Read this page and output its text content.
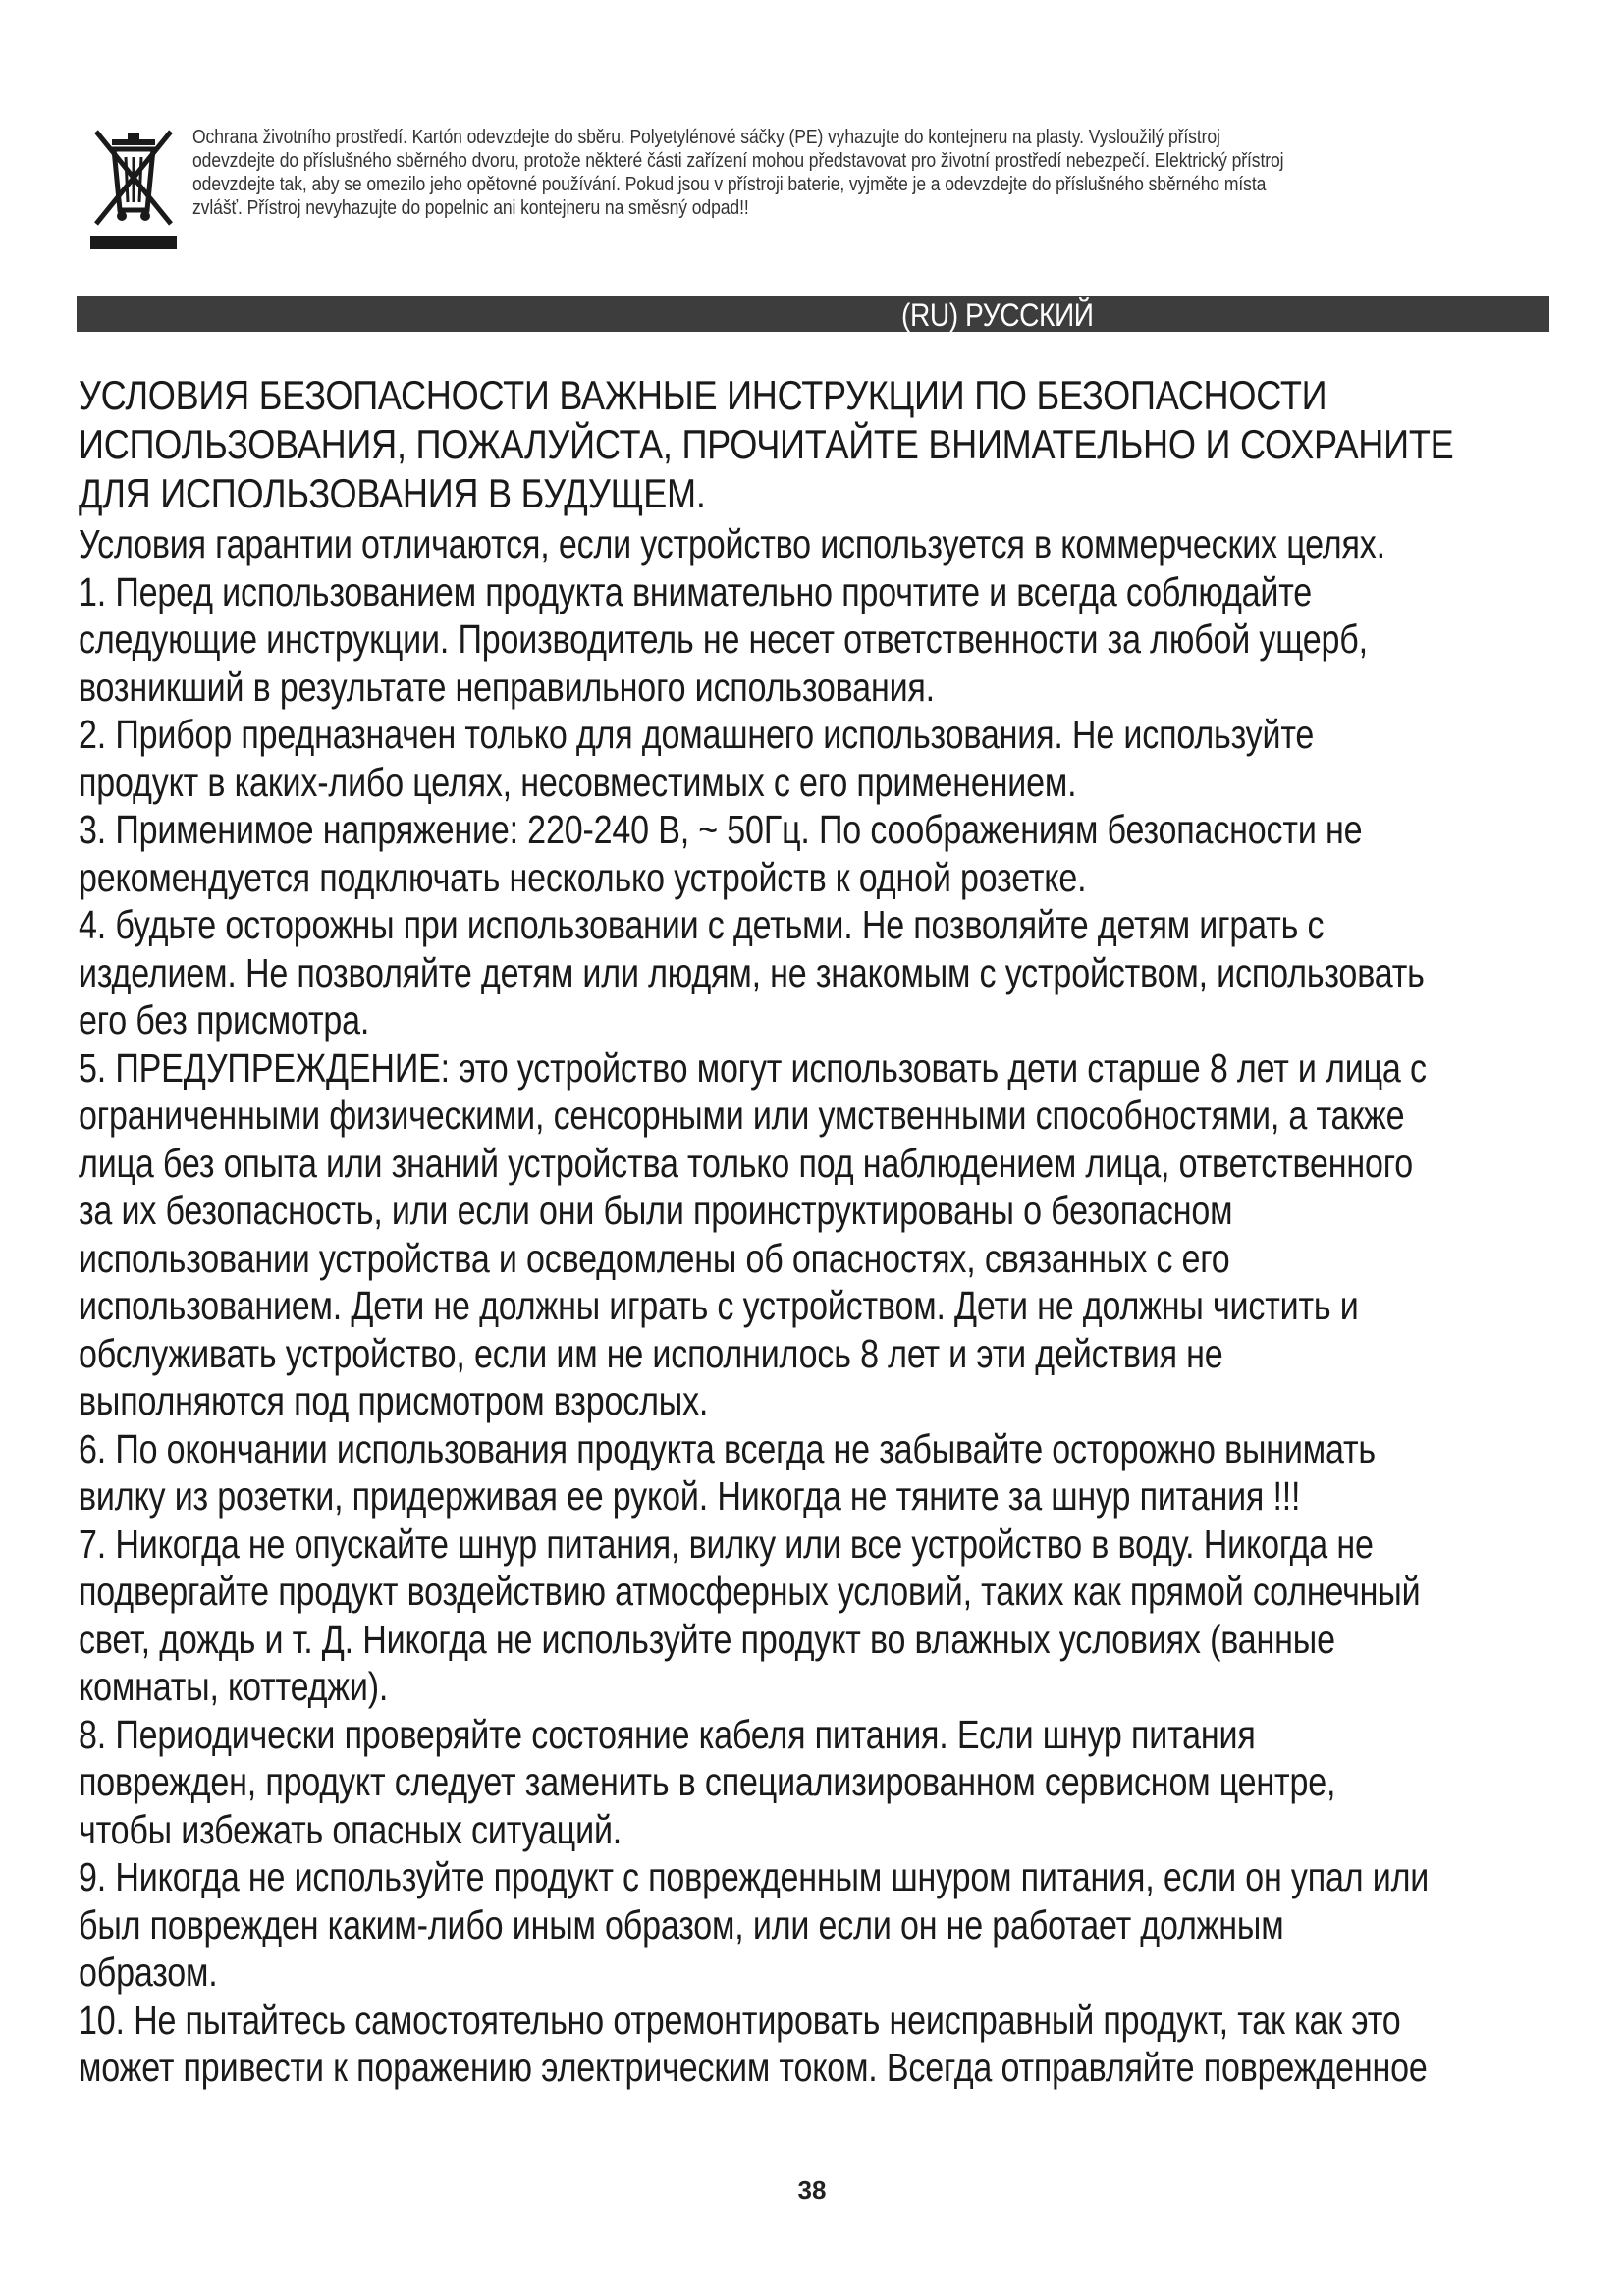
Ochrana životního prostředí. Kartón odevzdejte do sběru. Polyetylénové sáčky (PE) vyhazujte do kontejneru na plasty. Vysloužilý přístroj
odevzdejte do příslušného sběrného dvoru, protože některé části zařízení mohou představovat pro životní prostředí nebezpečí. Elektrický přístroj
odevzdejte tak, aby se omezilo jeho opětovné používání. Pokud jsou v přístroji baterie, vyjměte je a odevzdejte do příslušného sběrného místa
zvlášť. Přístroj nevyhazujte do popelnic ani kontejneru na směsný odpad!!
(RU) РУССКИЙ
УСЛОВИЯ БЕЗОПАСНОСТИ ВАЖНЫЕ ИНСТРУКЦИИ ПО БЕЗОПАСНОСТИ
ИСПОЛЬЗОВАНИЯ, ПОЖАЛУЙСТА, ПРОЧИТАЙТЕ ВНИМАТЕЛЬНО И СОХРАНИТЕ
ДЛЯ ИСПОЛЬЗОВАНИЯ В БУДУЩЕМ.
Условия гарантии отличаются, если устройство используется в коммерческих целях.
1. Перед использованием продукта внимательно прочтите и всегда соблюдайте
следующие инструкции. Производитель не несет ответственности за любой ущерб,
возникший в результате неправильного использования.
2. Прибор предназначен только для домашнего использования. Не используйте
продукт в каких-либо целях, несовместимых с его применением.
3. Применимое напряжение: 220-240 В, ~ 50Гц. По соображениям безопасности не
рекомендуется подключать несколько устройств к одной розетке.
4. будьте осторожны при использовании с детьми. Не позволяйте детям играть с
изделием. Не позволяйте детям или людям, не знакомым с устройством, использовать
его без присмотра.
5. ПРЕДУПРЕЖДЕНИЕ: это устройство могут использовать дети старше 8 лет и лица с
ограниченными физическими, сенсорными или умственными способностями, а также
лица без опыта или знаний устройства только под наблюдением лица, ответственного
за их безопасность, или если они были проинструктированы о безопасном
использовании устройства и осведомлены об опасностях, связанных с его
использованием. Дети не должны играть с устройством. Дети не должны чистить и
обслуживать устройство, если им не исполнилось 8 лет и эти действия не
выполняются под присмотром взрослых.
6. По окончании использования продукта всегда не забывайте осторожно вынимать
вилку из розетки, придерживая ее рукой. Никогда не тяните за шнур питания !!!
7. Никогда не опускайте шнур питания, вилку или все устройство в воду. Никогда не
подвергайте продукт воздействию атмосферных условий, таких как прямой солнечный
свет, дождь и т. Д. Никогда не используйте продукт во влажных условиях (ванные
комнаты, коттеджи).
8. Периодически проверяйте состояние кабеля питания. Если шнур питания
поврежден, продукт следует заменить в специализированном сервисном центре,
чтобы избежать опасных ситуаций.
9. Никогда не используйте продукт с поврежденным шнуром питания, если он упал или
был поврежден каким-либо иным образом, или если он не работает должным
образом.
10. Не пытайтесь самостоятельно отремонтировать неисправный продукт, так как это
может привести к поражению электрическим током. Всегда отправляйте поврежденное
38
